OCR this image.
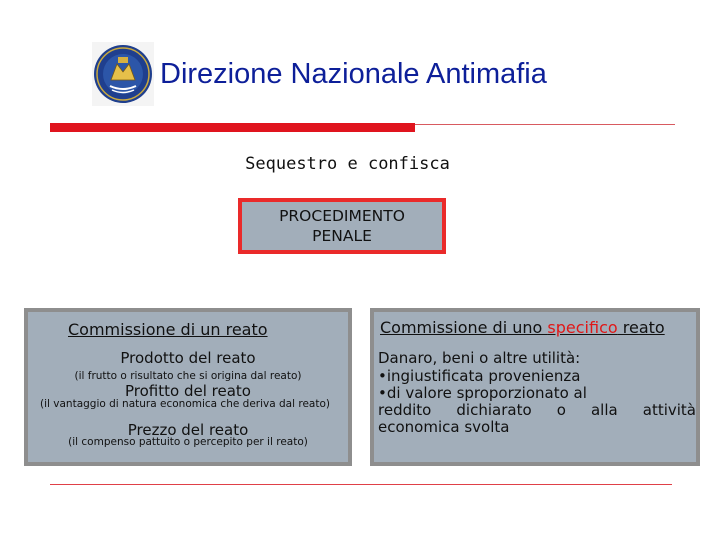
Direzione Nazionale Antimafia
Sequestro e confisca
PROCEDIMENTO
PENALE
Commissione di un reato	Commissione di uno specifico reato
Prodotto del reato
(il frutto o risultato che si origina dal reato)
Profitto del reato
(il vantaggio di natura economica che deriva dal reato)
Prezzo del reato
(il compenso pattuito o percepito per il reato)

Danaro, beni o altre utilità:

•ingiustificata provenienza

•di valore sproporzionato al

reddito dichiarato o alla attività

economica svolta
